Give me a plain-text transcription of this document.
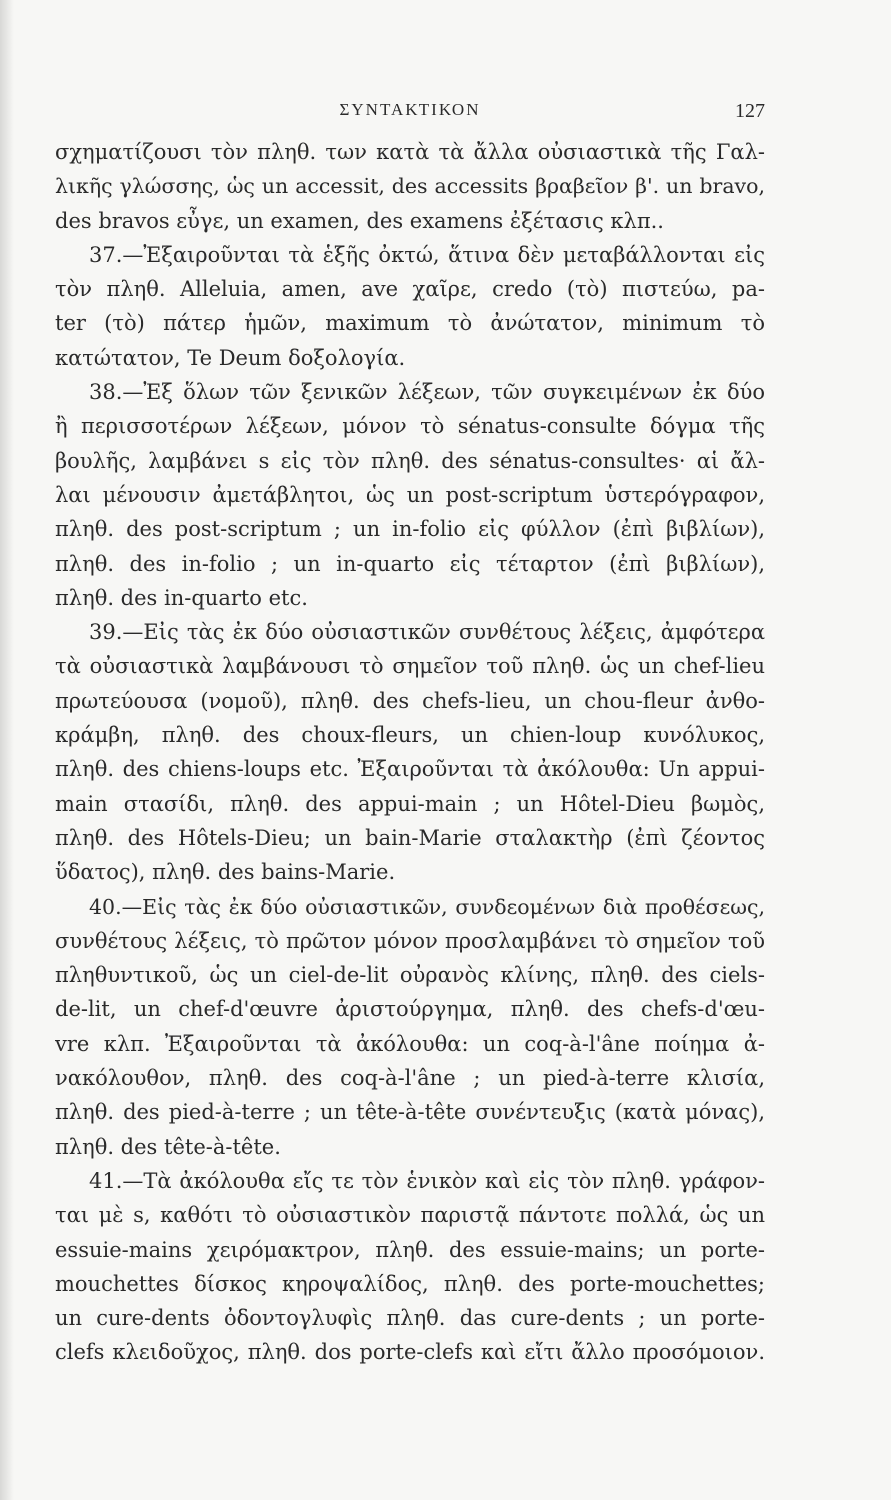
ΣΥΝΤΑΚΤΙΚΟΝ	127
σχηματίζουσι τὸν πληθ. των κατὰ τὰ ἄλλα οὐσιαστικὰ τῆς Γαλ-
λικῆς γλώσσης, ὡς un accessit, des accessits βραβεῖον β'. un bravo,
des bravos εὖγε, un examen, des examens ἐξέτασις κλπ..
37.—Ἐξαιροῦνται τὰ ἑξῆς ὀκτώ, ἅτινα δὲν μεταβάλλονται εἰς
τὸν πληθ. Alleluia, amen, ave χαῖρε, credo (τὸ) πιστεύω, pa-
ter (τὸ) πάτερ ἡμῶν, maximum τὸ ἀνώτατον, minimum τὸ
κατώτατον, Te Deum δοξολογία.
38.—Ἐξ ὅλων τῶν ξενικῶν λέξεων, τῶν συγκειμένων ἐκ δύο
ἢ περισσοτέρων λέξεων, μόνον τὸ sénatus-consulte δόγμα τῆς
βουλῆς, λαμβάνει s εἰς τὸν πληθ. des sénatus-consultes· αἱ ἄλ-
λαι μένουσιν ἀμετάβλητοι, ὡς un post-scriptum ὑστερόγραφον,
πληθ. des post-scriptum ; un in-folio εἰς φύλλον (ἐπὶ βιβλίων),
πληθ. des in-folio ; un in-quarto εἰς τέταρτον (ἐπὶ βιβλίων),
πληθ. des in-quarto etc.
39.—Εἰς τὰς ἐκ δύο οὐσιαστικῶν συνθέτους λέξεις, ἀμφότερα
τὰ οὐσιαστικὰ λαμβάνουσι τὸ σημεῖον τοῦ πληθ. ὡς un chef-lieu
πρωτεύουσα (νομοῦ), πληθ. des chefs-lieu, un chou-fleur ἀνθο-
κράμβη, πληθ. des choux-fleurs, un chien-loup κυνόλυκος,
πληθ. des chiens-loups etc. Ἐξαιροῦνται τὰ ἀκόλουθα: Un appui-
main στασίδι, πληθ. des appui-main ; un Hôtel-Dieu βωμὸς,
πληθ. des Hôtels-Dieu; un bain-Marie σταλακτὴρ (ἐπὶ ζέοντος
ὕδατος), πληθ. des bains-Marie.
40.—Εἰς τὰς ἐκ δύο οὐσιαστικῶν, συνδεομένων διὰ προθέσεως,
συνθέτους λέξεις, τὸ πρῶτον μόνον προσλαμβάνει τὸ σημεῖον τοῦ
πληθυντικοῦ, ὡς un ciel-de-lit οὐρανὸς κλίνης, πληθ. des ciels-
de-lit, un chef-d'œuvre ἀριστούργημα, πληθ. des chefs-d'œu-
vre κλπ. Ἐξαιροῦνται τὰ ἀκόλουθα: un coq-à-l'âne ποίημα ἀ-
νακόλουθον, πληθ. des coq-à-l'âne ; un pied-à-terre κλισία,
πληθ. des pied-à-terre ; un tête-à-tête συνέντευξις (κατὰ μόνας),
πληθ. des tête-à-tête.
41.—Τὰ ἀκόλουθα εἴς τε τὸν ἑνικὸν καὶ εἰς τὸν πληθ. γράφον-
ται μὲ s, καθότι τὸ οὐσιαστικὸν παριστᾷ πάντοτε πολλά, ὡς un
essuie-mains χειρόμακτρον, πληθ. des essuie-mains; un porte-
mouchettes δίσκος κηροψαλίδος, πληθ. des porte-mouchettes;
un cure-dents ὀδοντογλυφὶς πληθ. das cure-dents ; un porte-
clefs κλειδοῦχος, πληθ. dos porte-clefs καὶ εἴτι ἄλλο προσόμοιον.
